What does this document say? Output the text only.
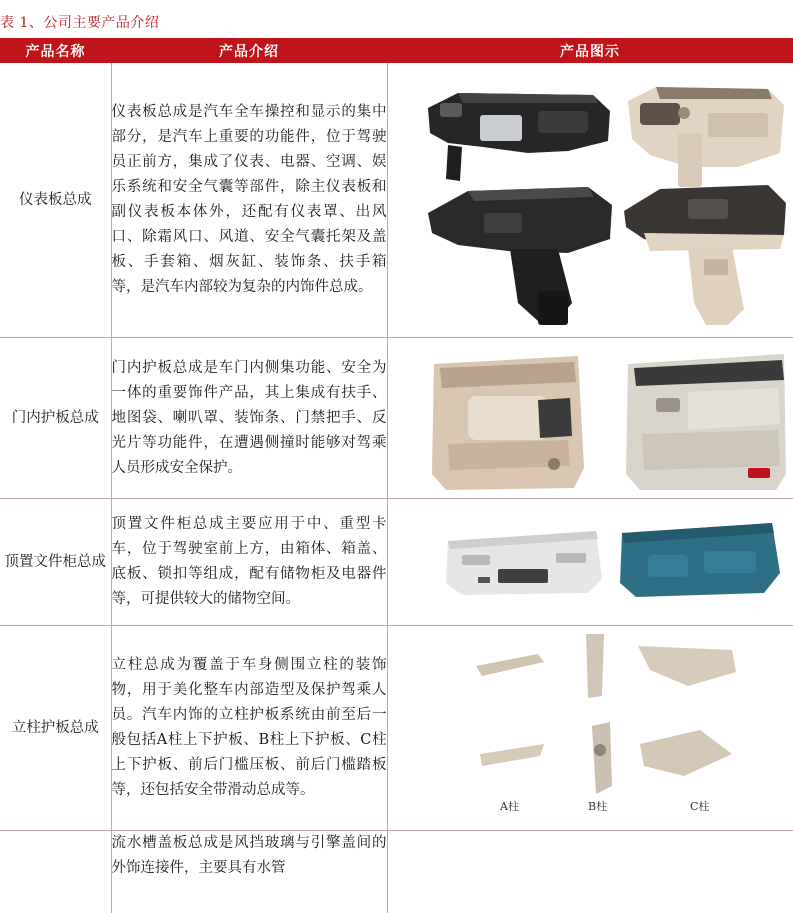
表 1、公司主要产品介绍
产品名称	产品介绍	产品图示
仪表板总成	仪表板总成是汽车全车操控和显示的集中部分，是汽车上重要的功能件，位于驾驶员正前方，集成了仪表、电器、空调、娱乐系统和安全气囊等部件，除主仪表板和副仪表板本体外，还配有仪表罩、出风口、除霜风口、风道、安全气囊托架及盖板、手套箱、烟灰缸、装饰条、扶手箱等，是汽车内部较为复杂的内饰件总成。	

门内护板总成	门内护板总成是车门内侧集功能、安全为一体的重要饰件产品，其上集成有扶手、地图袋、喇叭罩、装饰条、门禁把手、反光片等功能件，在遭遇侧撞时能够对驾乘人员形成安全保护。	

顶置文件柜总成	顶置文件柜总成主要应用于中、重型卡车，位于驾驶室前上方，由箱体、箱盖、底板、锁扣等组成，配有储物柜及电器件等，可提供较大的储物空间。	

立柱护板总成	立柱总成为覆盖于车身侧围立柱的装饰物，用于美化整车内部造型及保护驾乘人员。汽车内饰的立柱护板系统由前至后一般包括A柱上下护板、B柱上下护板、C柱上下护板、前后门槛压板、前后门槛踏板等，还包括安全带滑动总成等。	A柱 B柱 C柱

	流水槽盖板总成是风挡玻璃与引擎盖间的外饰连接件，主要具有水管	
